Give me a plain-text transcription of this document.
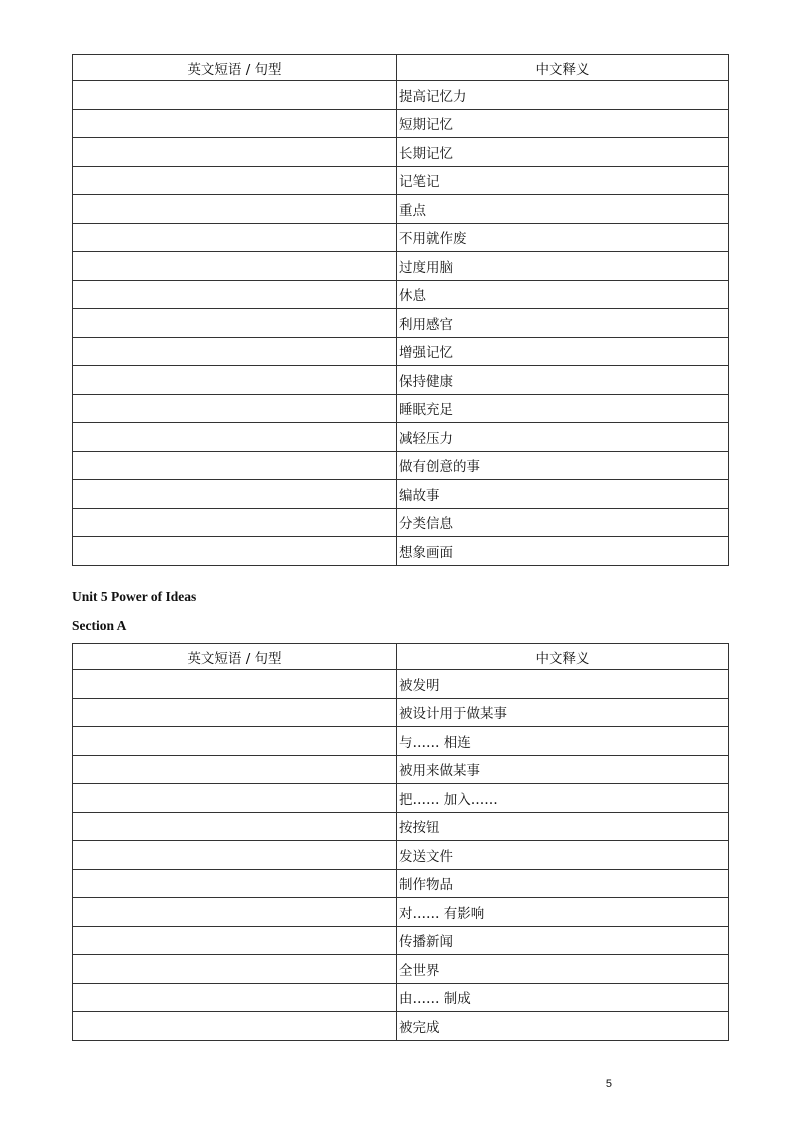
英文短语 / 句型	中文释义
	提高记忆力
	短期记忆
	长期记忆
	记笔记
	重点
	不用就作废
	过度用脑
	休息
	利用感官
	增强记忆
	保持健康
	睡眠充足
	减轻压力
	做有创意的事
	编故事
	分类信息
	想象画面
Unit 5 Power of Ideas
Section A
英文短语 / 句型	中文释义
	被发明
	被设计用于做某事
	与…… 相连
	被用来做某事
	把…… 加入……
	按按钮
	发送文件
	制作物品
	对…… 有影响
	传播新闻
	全世界
	由…… 制成
	被完成
5
